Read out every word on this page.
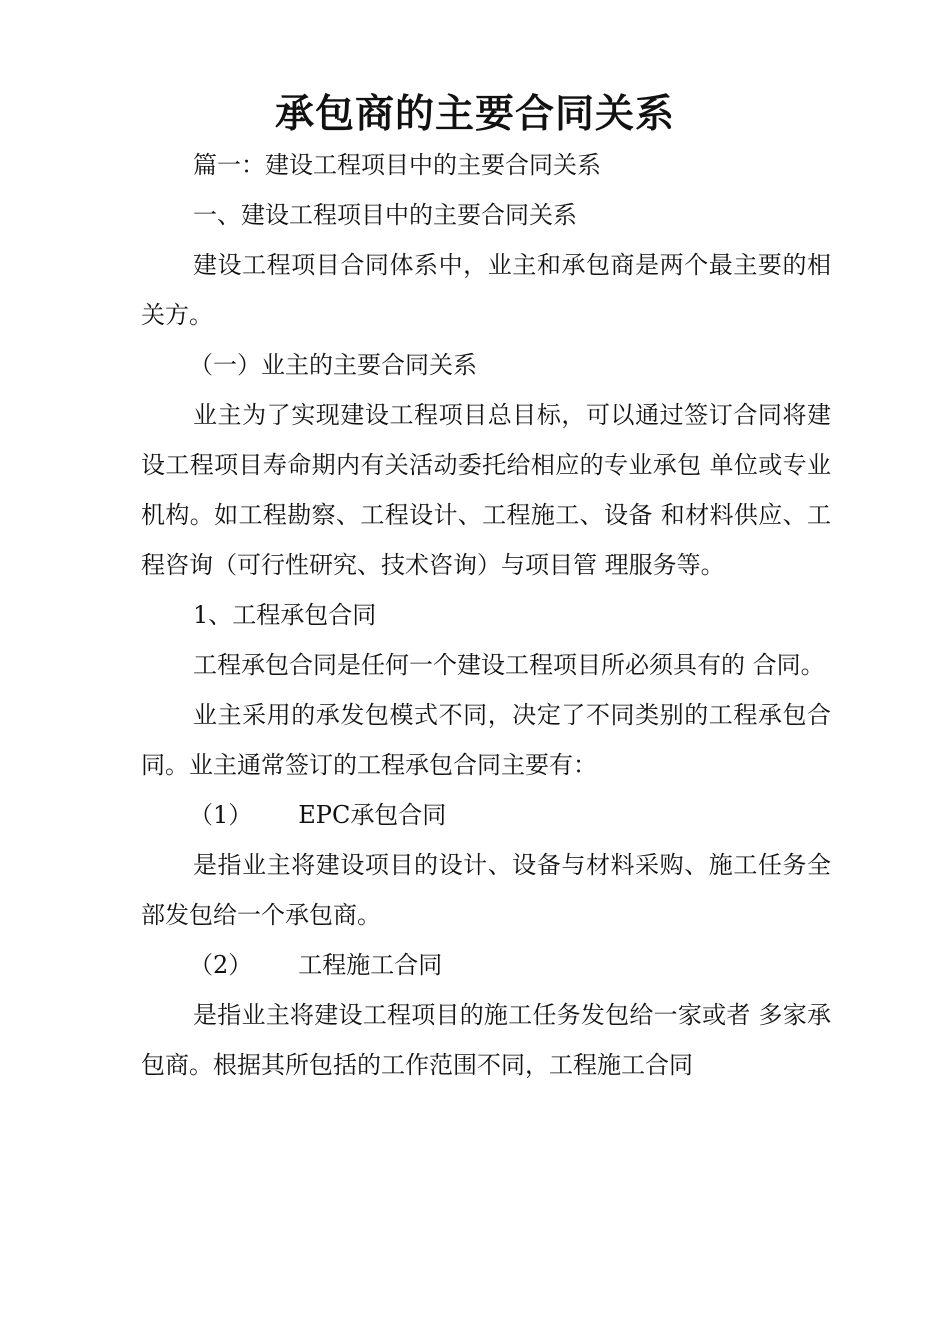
承包商的主要合同关系

篇一：建设工程项目中的主要合同关系

一、建设工程项目中的主要合同关系

建设工程项目合同体系中，业主和承包商是两个最主要的相关方。

（一）业主的主要合同关系

业主为了实现建设工程项目总目标，可以通过签订合同将建设工程项目寿命期内有关活动委托给相应的专业承包 单位或专业机构。如工程勘察、工程设计、工程施工、设备 和材料供应、工程咨询（可行性研究、技术咨询）与项目管 理服务等。

1、工程承包合同

工程承包合同是任何一个建设工程项目所必须具有的 合同。

业主采用的承发包模式不同，决定了不同类别的工程承包合同。业主通常签订的工程承包合同主要有：

（1） EPC承包合同

是指业主将建设项目的设计、设备与材料采购、施工任务全部发包给一个承包商。

（2） 工程施工合同

是指业主将建设工程项目的施工任务发包给一家或者 多家承包商。根据其所包括的工作范围不同，工程施工合同
